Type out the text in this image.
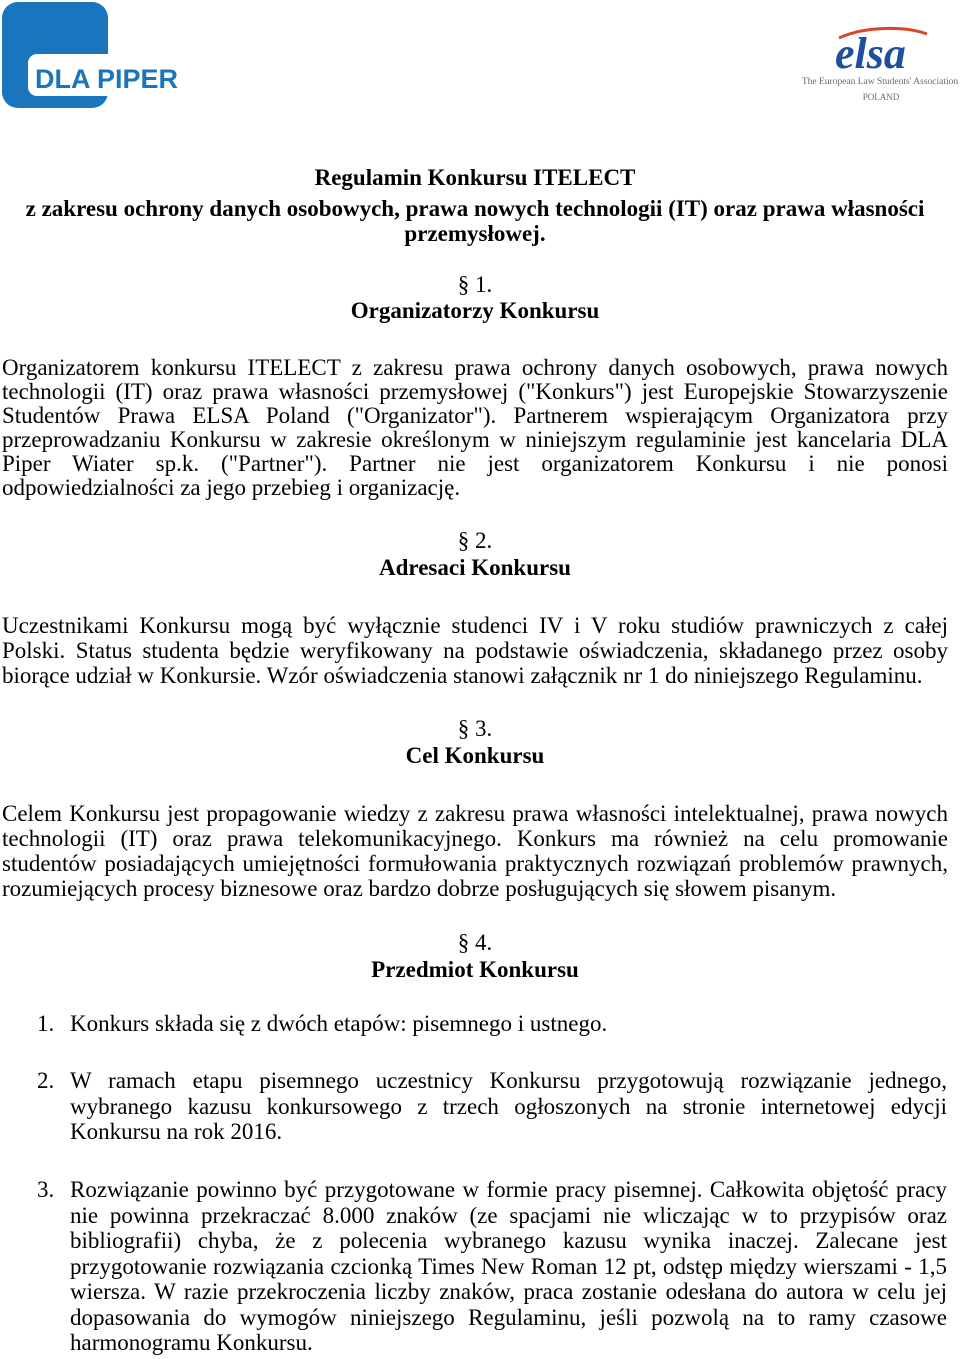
DLA PIPER
elsa
The European Law Students' Association
POLAND
Regulamin Konkursu ITELECT
z zakresu ochrony danych osobowych, prawa nowych technologii (IT) oraz prawa własności przemysłowej.
§ 1.
Organizatorzy Konkursu
Organizatorem konkursu ITELECT z zakresu prawa ochrony danych osobowych, prawa nowych technologii (IT) oraz prawa własności przemysłowej ("Konkurs") jest Europejskie Stowarzyszenie Studentów Prawa ELSA Poland ("Organizator"). Partnerem wspierającym Organizatora przy przeprowadzaniu Konkursu w zakresie określonym w niniejszym regulaminie jest kancelaria DLA Piper Wiater sp.k. ("Partner"). Partner nie jest organizatorem Konkursu i nie ponosi odpowiedzialności za jego przebieg i organizację.
§ 2.
Adresaci Konkursu
Uczestnikami Konkursu mogą być wyłącznie studenci IV i V roku studiów prawniczych z całej Polski. Status studenta będzie weryfikowany na podstawie oświadczenia, składanego przez osoby biorące udział w Konkursie. Wzór oświadczenia stanowi załącznik nr 1 do niniejszego Regulaminu.
§ 3.
Cel Konkursu
Celem Konkursu jest propagowanie wiedzy z zakresu prawa własności intelektualnej, prawa nowych technologii (IT) oraz prawa telekomunikacyjnego. Konkurs ma również na celu promowanie studentów posiadających umiejętności formułowania praktycznych rozwiązań problemów prawnych, rozumiejących procesy biznesowe oraz bardzo dobrze posługujących się słowem pisanym.
§ 4.
Przedmiot Konkursu
1. Konkurs składa się z dwóch etapów: pisemnego i ustnego.
2. W ramach etapu pisemnego uczestnicy Konkursu przygotowują rozwiązanie jednego, wybranego kazusu konkursowego z trzech ogłoszonych na stronie internetowej edycji Konkursu na rok 2016.
3. Rozwiązanie powinno być przygotowane w formie pracy pisemnej. Całkowita objętość pracy nie powinna przekraczać 8.000 znaków (ze spacjami nie wliczając w to przypisów oraz bibliografii) chyba, że z polecenia wybranego kazusu wynika inaczej. Zalecane jest przygotowanie rozwiązania czcionką Times New Roman 12 pt, odstęp między wierszami - 1,5 wiersza. W razie przekroczenia liczby znaków, praca zostanie odesłana do autora w celu jej dopasowania do wymogów niniejszego Regulaminu, jeśli pozwolą na to ramy czasowe harmonogramu Konkursu.
